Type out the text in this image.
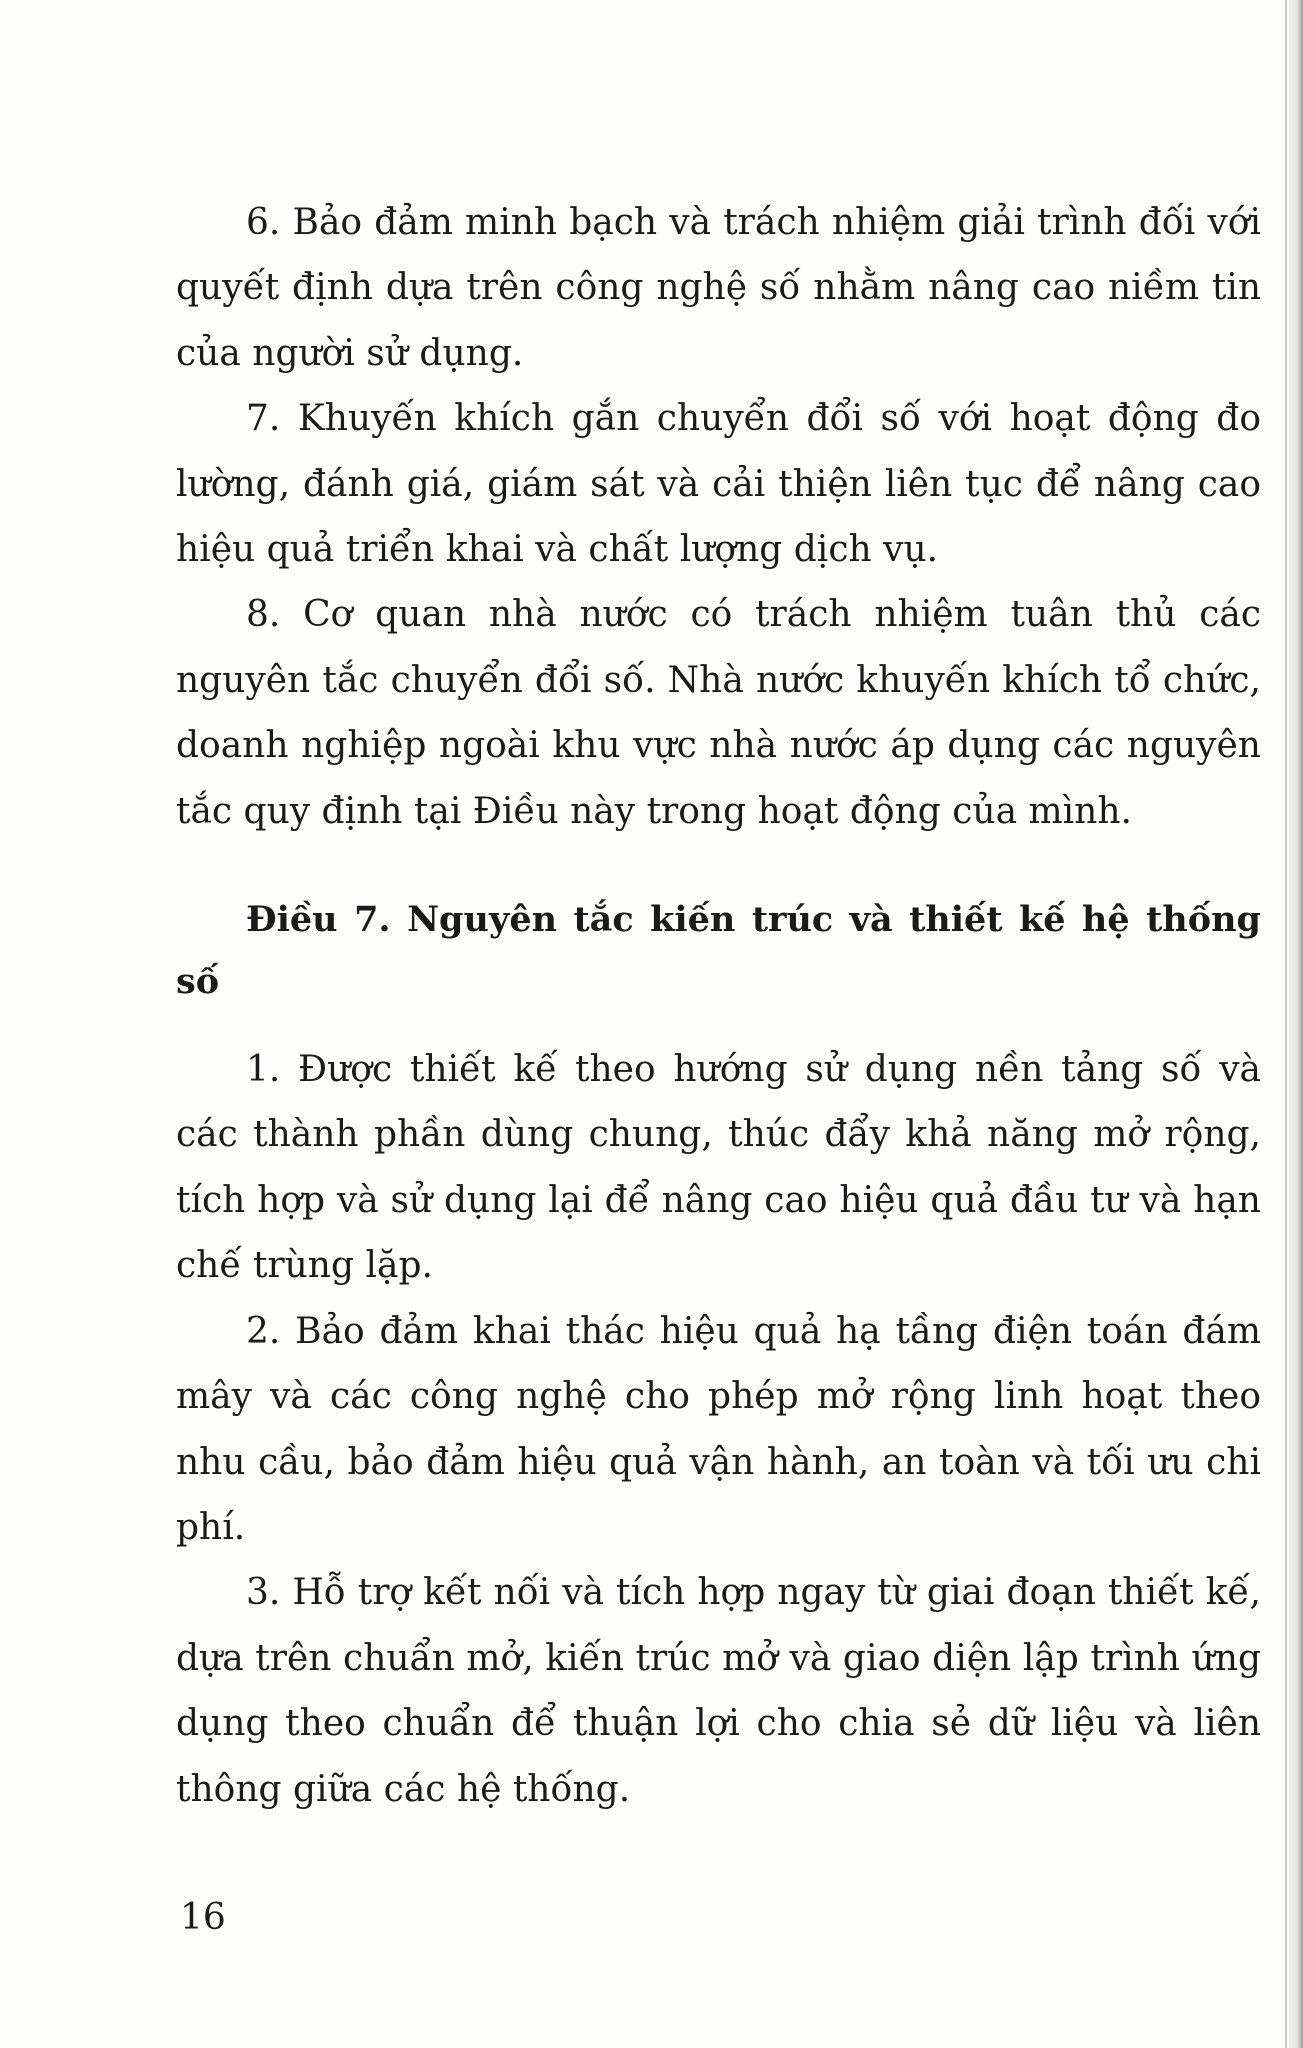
6. Bảo đảm minh bạch và trách nhiệm giải trình đối với quyết định dựa trên công nghệ số nhằm nâng cao niềm tin của người sử dụng.

7. Khuyến khích gắn chuyển đổi số với hoạt động đo lường, đánh giá, giám sát và cải thiện liên tục để nâng cao hiệu quả triển khai và chất lượng dịch vụ.

8. Cơ quan nhà nước có trách nhiệm tuân thủ các nguyên tắc chuyển đổi số. Nhà nước khuyến khích tổ chức, doanh nghiệp ngoài khu vực nhà nước áp dụng các nguyên tắc quy định tại Điều này trong hoạt động của mình.

Điều 7. Nguyên tắc kiến trúc và thiết kế hệ thống số

1. Được thiết kế theo hướng sử dụng nền tảng số và các thành phần dùng chung, thúc đẩy khả năng mở rộng, tích hợp và sử dụng lại để nâng cao hiệu quả đầu tư và hạn chế trùng lặp.

2. Bảo đảm khai thác hiệu quả hạ tầng điện toán đám mây và các công nghệ cho phép mở rộng linh hoạt theo nhu cầu, bảo đảm hiệu quả vận hành, an toàn và tối ưu chi phí.

3. Hỗ trợ kết nối và tích hợp ngay từ giai đoạn thiết kế, dựa trên chuẩn mở, kiến trúc mở và giao diện lập trình ứng dụng theo chuẩn để thuận lợi cho chia sẻ dữ liệu và liên thông giữa các hệ thống.

16
